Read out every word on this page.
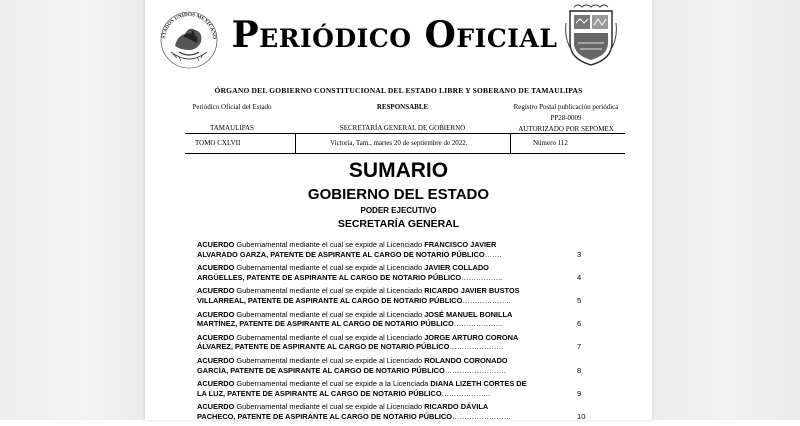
STADOS UNIDOS MEXICANO Periódico Oficial
ÓRGANO DEL GOBIERNO CONSTITUCIONAL DEL ESTADO LIBRE Y SOBERANO DE TAMAULIPAS
Periódico Oficial del Estado
TAMAULIPAS
RESPONSABLE
SECRETARÍA GENERAL DE GOBIERNO
Registro Postal publicación periódica
PP28-0009
AUTORIZADO POR SEPOMEX
TOMO CXLVII	Victoria, Tam., martes 20 de septiembre de 2022.	Número 112
SUMARIO
GOBIERNO DEL ESTADO
PODER EJECUTIVO
SECRETARÍA GENERAL
ACUERDO Gubernamental mediante el cual se expide al Licenciado FRANCISCO JAVIER
ALVARADO GARZA, PATENTE DE ASPIRANTE AL CARGO DE NOTARIO PÚBLICO…….	3
ACUERDO Gubernamental mediante el cual se expide al Licenciado JAVIER COLLADO
ARGÜELLES, PATENTE DE ASPIRANTE AL CARGO DE NOTARIO PÚBLICO……………..	4
ACUERDO Gubernamental mediante el cual se expide al Licenciado RICARDO JAVIER BUSTOS
VILLARREAL, PATENTE DE ASPIRANTE AL CARGO DE NOTARIO PÚBLICO………………..	5
ACUERDO Gubernamental mediante el cual se expide al Licenciado JOSÉ MANUEL BONILLA
MARTÍNEZ, PATENTE DE ASPIRANTE AL CARGO DE NOTARIO PÚBLICO………………..	6
ACUERDO Gubernamental mediante el cual se expide al Licenciado JORGE ARTURO CORONA
ÁLVAREZ, PATENTE DE ASPIRANTE AL CARGO DE NOTARIO PÚBLICO………………….	7
ACUERDO Gubernamental mediante el cual se expide al Licenciado ROLANDO CORONADO
GARCÍA, PATENTE DE ASPIRANTE AL CARGO DE NOTARIO PÚBLICO…………………….	8
ACUERDO Gubernamental mediante el cual se expide a la Licenciada DIANA LIZETH CORTES DE
LA LUZ, PATENTE DE ASPIRANTE AL CARGO DE NOTARIO PÚBLICO………………..	9
ACUERDO Gubernamental mediante el cual se expide al Licenciado RICARDO DÁVILA
PACHECO, PATENTE DE ASPIRANTE AL CARGO DE NOTARIO PÚBLICO……………………	10
